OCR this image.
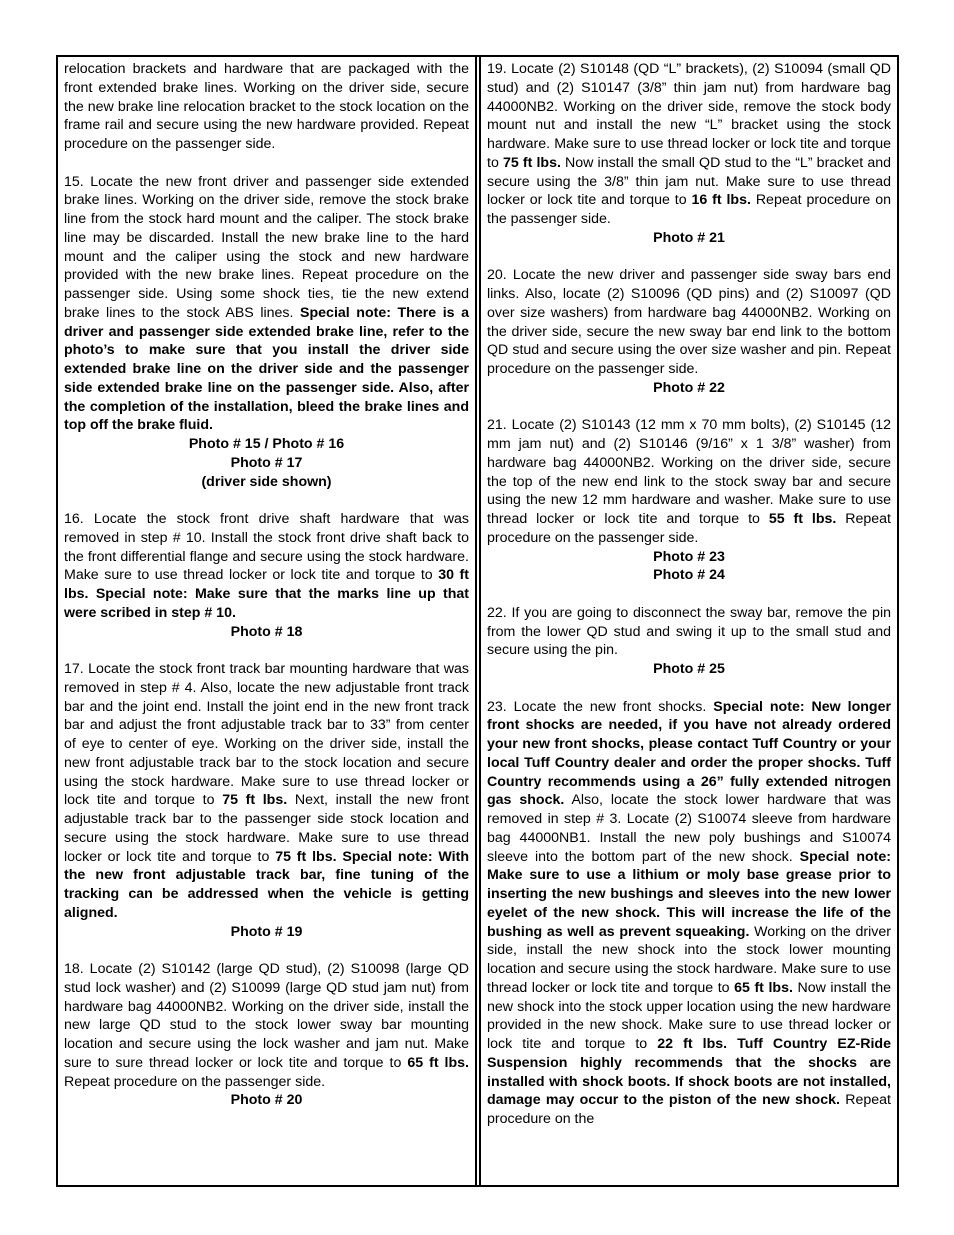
relocation brackets and hardware that are packaged with the front extended brake lines. Working on the driver side, secure the new brake line relocation bracket to the stock location on the frame rail and secure using the new hardware provided. Repeat procedure on the passenger side.

15. Locate the new front driver and passenger side extended brake lines. Working on the driver side, remove the stock brake line from the stock hard mount and the caliper. The stock brake line may be discarded. Install the new brake line to the hard mount and the caliper using the stock and new hardware provided with the new brake lines. Repeat procedure on the passenger side. Using some shock ties, tie the new extend brake lines to the stock ABS lines. Special note: There is a driver and passenger side extended brake line, refer to the photo’s to make sure that you install the driver side extended brake line on the driver side and the passenger side extended brake line on the passenger side. Also, after the completion of the installation, bleed the brake lines and top off the brake fluid.

Photo # 15 / Photo # 16

Photo # 17

(driver side shown)

16. Locate the stock front drive shaft hardware that was removed in step # 10. Install the stock front drive shaft back to the front differential flange and secure using the stock hardware. Make sure to use thread locker or lock tite and torque to 30 ft lbs. Special note: Make sure that the marks line up that were scribed in step # 10.

Photo # 18

17. Locate the stock front track bar mounting hardware that was removed in step # 4. Also, locate the new adjustable front track bar and the joint end. Install the joint end in the new front track bar and adjust the front adjustable track bar to 33” from center of eye to center of eye. Working on the driver side, install the new front adjustable track bar to the stock location and secure using the stock hardware. Make sure to use thread locker or lock tite and torque to 75 ft lbs. Next, install the new front adjustable track bar to the passenger side stock location and secure using the stock hardware. Make sure to use thread locker or lock tite and torque to 75 ft lbs. Special note: With the new front adjustable track bar, fine tuning of the tracking can be addressed when the vehicle is getting aligned.

Photo # 19

18. Locate (2) S10142 (large QD stud), (2) S10098 (large QD stud lock washer) and (2) S10099 (large QD stud jam nut) from hardware bag 44000NB2. Working on the driver side, install the new large QD stud to the stock lower sway bar mounting location and secure using the lock washer and jam nut. Make sure to sure thread locker or lock tite and torque to 65 ft lbs. Repeat procedure on the passenger side.

Photo # 20

19. Locate (2) S10148 (QD “L” brackets), (2) S10094 (small QD stud) and (2) S10147 (3/8” thin jam nut) from hardware bag 44000NB2. Working on the driver side, remove the stock body mount nut and install the new “L” bracket using the stock hardware. Make sure to use thread locker or lock tite and torque to 75 ft lbs. Now install the small QD stud to the “L” bracket and secure using the 3/8” thin jam nut. Make sure to use thread locker or lock tite and torque to 16 ft lbs. Repeat procedure on the passenger side.

Photo # 21

20. Locate the new driver and passenger side sway bars end links. Also, locate (2) S10096 (QD pins) and (2) S10097 (QD over size washers) from hardware bag 44000NB2. Working on the driver side, secure the new sway bar end link to the bottom QD stud and secure using the over size washer and pin. Repeat procedure on the passenger side.

Photo # 22

21. Locate (2) S10143 (12 mm x 70 mm bolts), (2) S10145 (12 mm jam nut) and (2) S10146 (9/16” x 1 3/8” washer) from hardware bag 44000NB2. Working on the driver side, secure the top of the new end link to the stock sway bar and secure using the new 12 mm hardware and washer. Make sure to use thread locker or lock tite and torque to 55 ft lbs. Repeat procedure on the passenger side.

Photo # 23

Photo # 24

22. If you are going to disconnect the sway bar, remove the pin from the lower QD stud and swing it up to the small stud and secure using the pin.

Photo # 25

23. Locate the new front shocks. Special note: New longer front shocks are needed, if you have not already ordered your new front shocks, please contact Tuff Country or your local Tuff Country dealer and order the proper shocks. Tuff Country recommends using a 26” fully extended nitrogen gas shock. Also, locate the stock lower hardware that was removed in step # 3. Locate (2) S10074 sleeve from hardware bag 44000NB1. Install the new poly bushings and S10074 sleeve into the bottom part of the new shock. Special note: Make sure to use a lithium or moly base grease prior to inserting the new bushings and sleeves into the new lower eyelet of the new shock. This will increase the life of the bushing as well as prevent squeaking. Working on the driver side, install the new shock into the stock lower mounting location and secure using the stock hardware. Make sure to use thread locker or lock tite and torque to 65 ft lbs. Now install the new shock into the stock upper location using the new hardware provided in the new shock. Make sure to use thread locker or lock tite and torque to 22 ft lbs. Tuff Country EZ-Ride Suspension highly recommends that the shocks are installed with shock boots. If shock boots are not installed, damage may occur to the piston of the new shock. Repeat procedure on the
